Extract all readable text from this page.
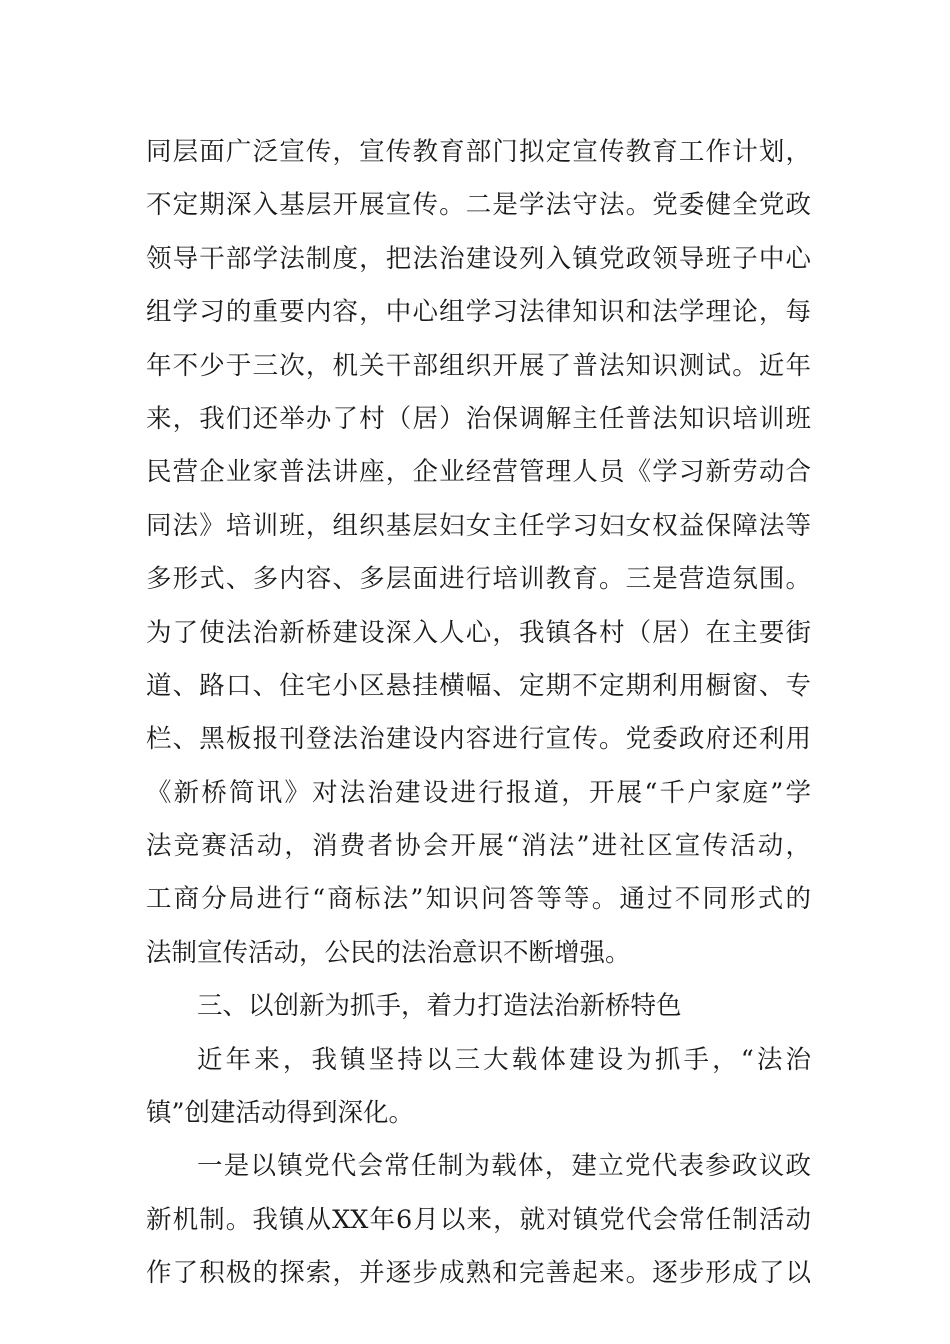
同层面广泛宣传，宣传教育部门拟定宣传教育工作计划，
不定期深入基层开展宣传。二是学法守法。党委健全党政
领导干部学法制度，把法治建设列入镇党政领导班子中心
组学习的重要内容，中心组学习法律知识和法学理论，每
年不少于三次，机关干部组织开展了普法知识测试。近年
来，我们还举办了村（居）治保调解主任普法知识培训班
民营企业家普法讲座，企业经营管理人员《学习新劳动合
同法》培训班，组织基层妇女主任学习妇女权益保障法等
多形式、多内容、多层面进行培训教育。三是营造氛围。
为了使法治新桥建设深入人心，我镇各村（居）在主要街
道、路口、住宅小区悬挂横幅、定期不定期利用橱窗、专
栏、黑板报刊登法治建设内容进行宣传。党委政府还利用
《新桥简讯》对法治建设进行报道，开展“千户家庭”学
法竞赛活动，消费者协会开展“消法”进社区宣传活动，
工商分局进行“商标法”知识问答等等。通过不同形式的
法制宣传活动，公民的法治意识不断增强。
三、以创新为抓手，着力打造法治新桥特色
近年来，我镇坚持以三大载体建设为抓手，“法治
镇”创建活动得到深化。
一是以镇党代会常任制为载体，建立党代表参政议政
新机制。我镇从XX年6月以来，就对镇党代会常任制活动
作了积极的探索，并逐步成熟和完善起来。逐步形成了以
